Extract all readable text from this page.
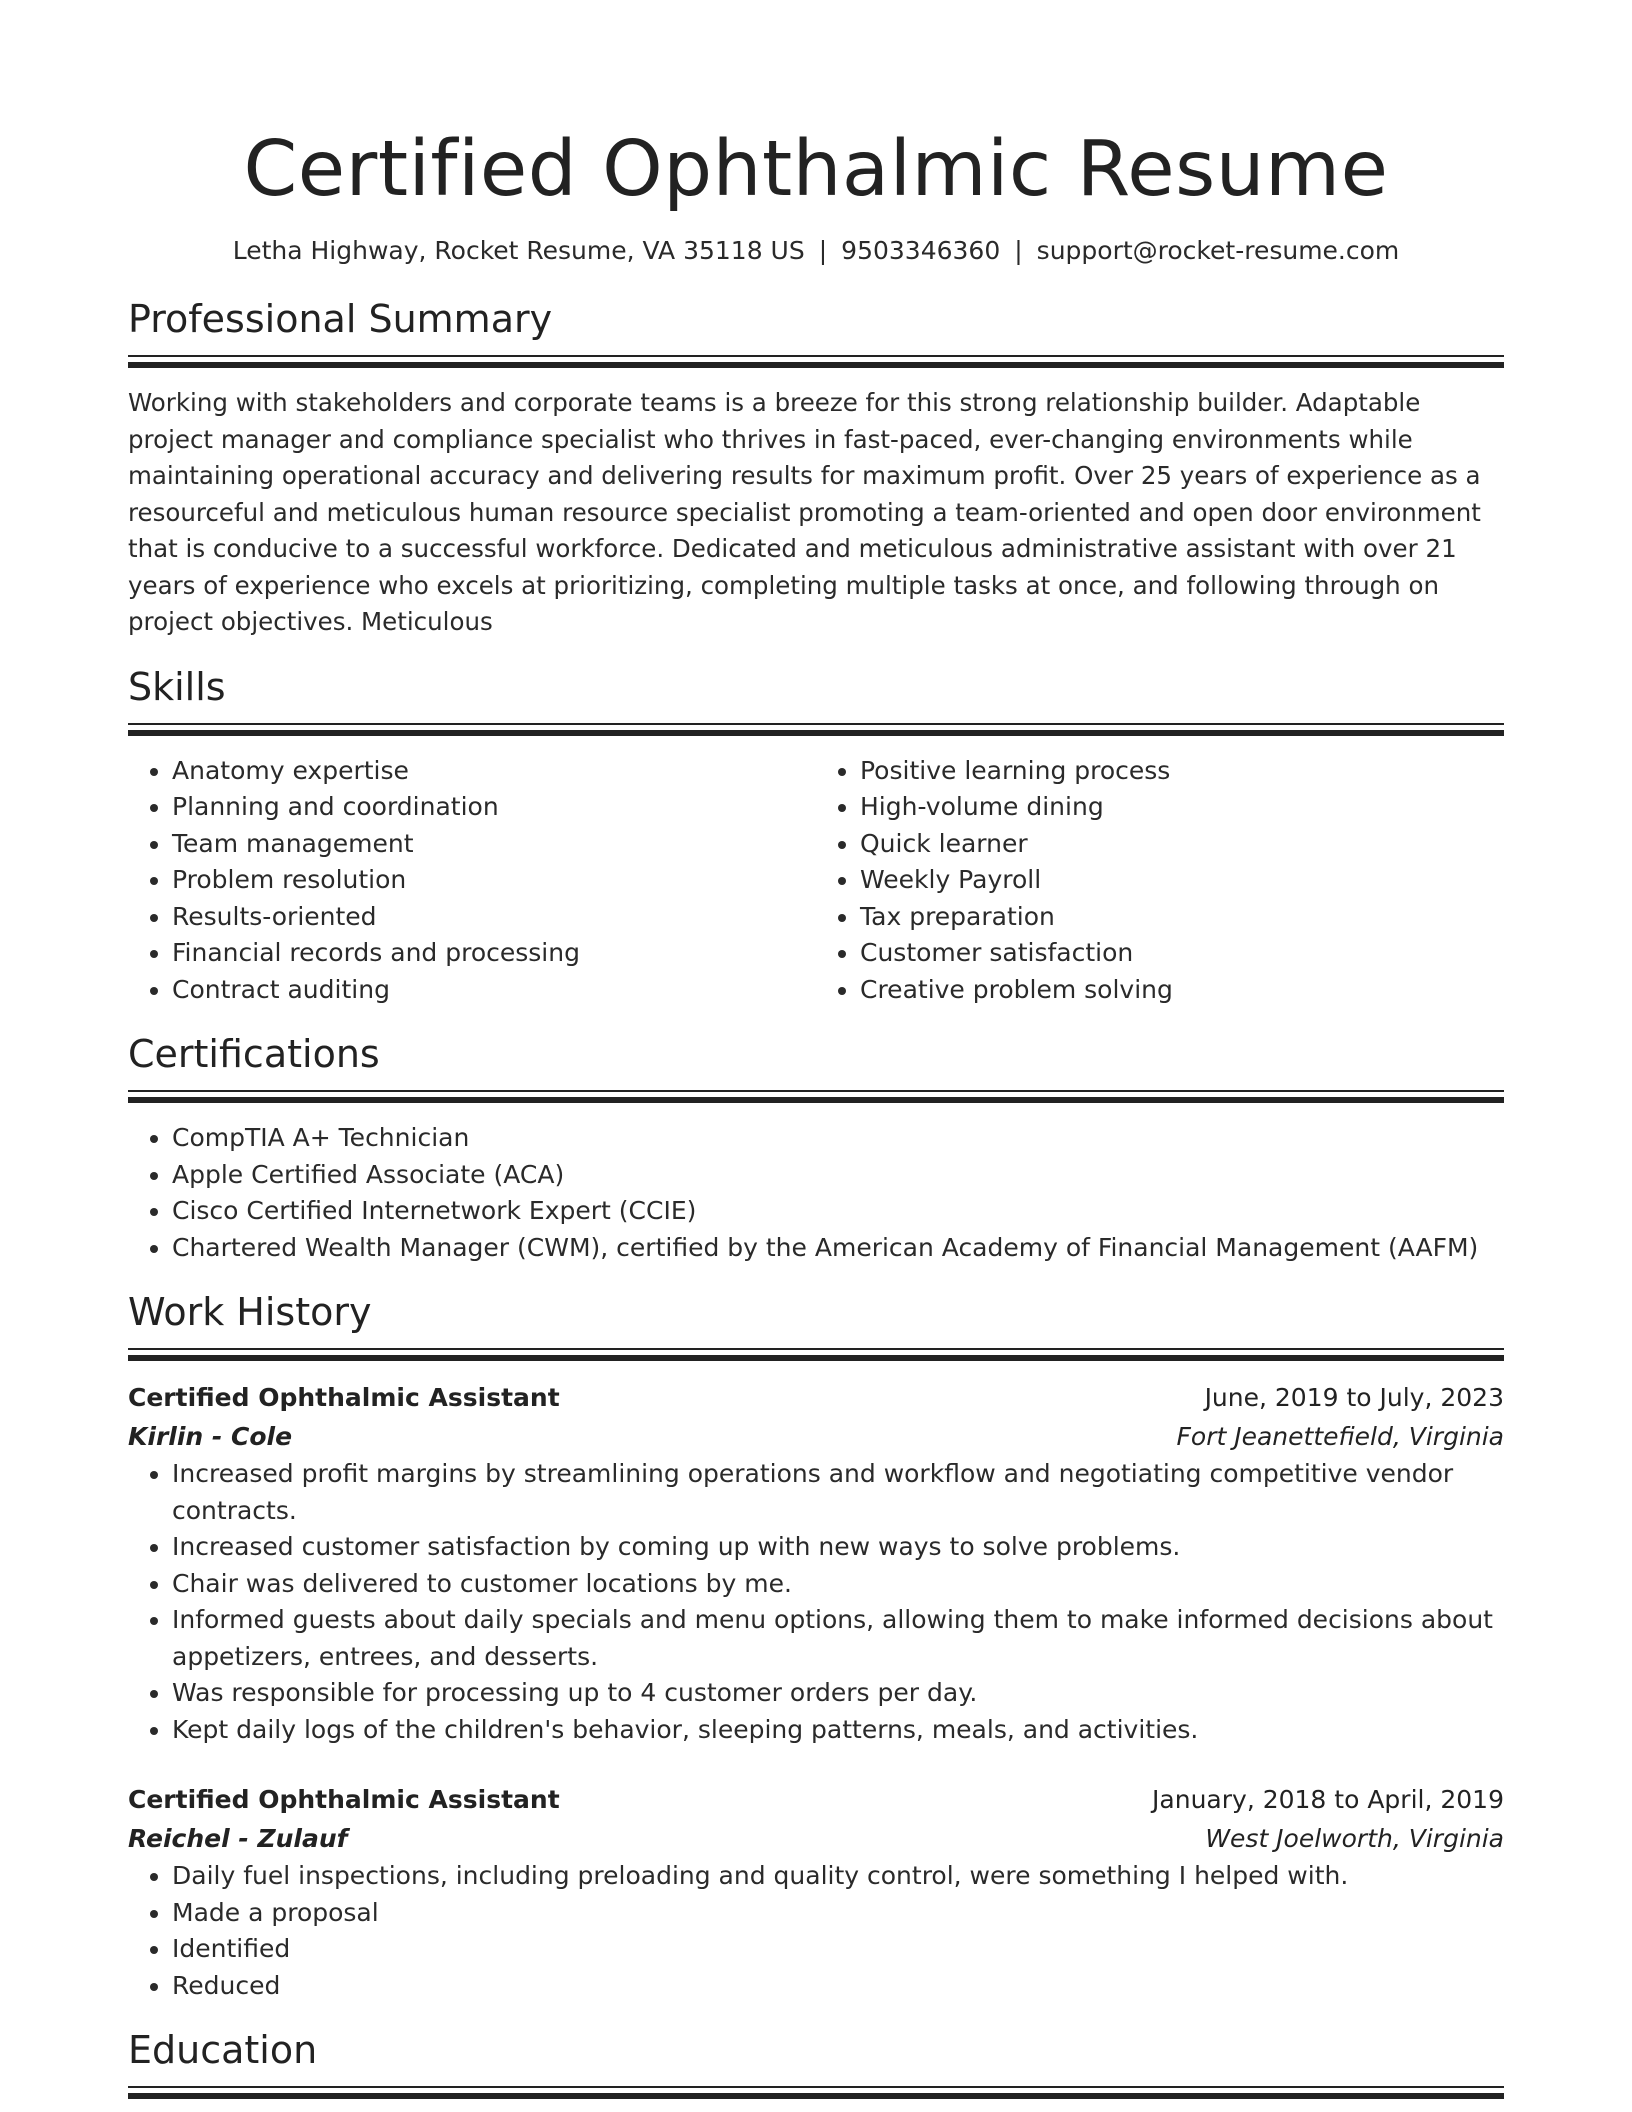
Certified Ophthalmic Resume
Letha Highway, Rocket Resume, VA 35118 US | 9503346360 | support@rocket-resume.com
Professional Summary

Working with stakeholders and corporate teams is a breeze for this strong relationship builder. Adaptable project manager and compliance specialist who thrives in fast-paced, ever-changing environments while maintaining operational accuracy and delivering results for maximum profit. Over 25 years of experience as a resourceful and meticulous human resource specialist promoting a team-oriented and open door environment that is conducive to a successful workforce. Dedicated and meticulous administrative assistant with over 21 years of experience who excels at prioritizing, completing multiple tasks at once, and following through on project objectives. Meticulous

Skills
• Anatomy expertise
• Planning and coordination
• Team management
• Problem resolution
• Results-oriented
• Financial records and processing
• Contract auditing
• Positive learning process
• High-volume dining
• Quick learner
• Weekly Payroll
• Tax preparation
• Customer satisfaction
• Creative problem solving
Certifications
• CompTIA A+ Technician
• Apple Certified Associate (ACA)
• Cisco Certified Internetwork Expert (CCIE)
• Chartered Wealth Manager (CWM), certified by the American Academy of Financial Management (AAFM)
Work History
Certified Ophthalmic Assistant	June, 2019 to July, 2023
Kirlin - Cole	Fort Jeanettefield, Virginia
• Increased profit margins by streamlining operations and workflow and negotiating competitive vendor contracts.
• Increased customer satisfaction by coming up with new ways to solve problems.
• Chair was delivered to customer locations by me.
• Informed guests about daily specials and menu options, allowing them to make informed decisions about appetizers, entrees, and desserts.
• Was responsible for processing up to 4 customer orders per day.
• Kept daily logs of the children's behavior, sleeping patterns, meals, and activities.
Certified Ophthalmic Assistant	January, 2018 to April, 2019
Reichel - Zulauf	West Joelworth, Virginia
• Daily fuel inspections, including preloading and quality control, were something I helped with.
• Made a proposal
• Identified
• Reduced
Education
